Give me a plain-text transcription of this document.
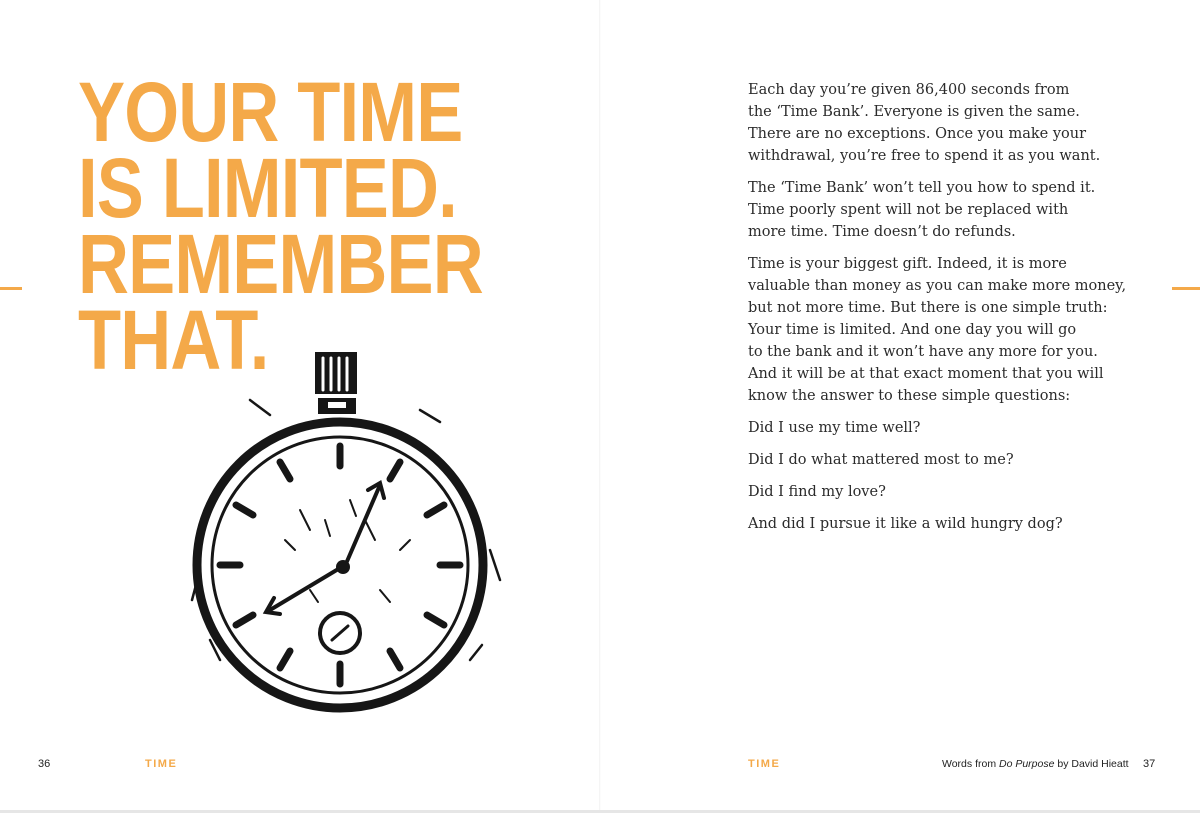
YOUR TIME
IS LIMITED.
REMEMBER
THAT.
36	TIME

Each day you’re given 86,400 seconds from
the ‘Time Bank’. Everyone is given the same.
There are no exceptions. Once you make your
withdrawal, you’re free to spend it as you want.

The ‘Time Bank’ won’t tell you how to spend it.
Time poorly spent will not be replaced with
more time. Time doesn’t do refunds.

Time is your biggest gift. Indeed, it is more
valuable than money as you can make more money,
but not more time. But there is one simple truth:
Your time is limited. And one day you will go
to the bank and it won’t have any more for you.
And it will be at that exact moment that you will
know the answer to these simple questions:

Did I use my time well?

Did I do what mattered most to me?

Did I find my love?

And did I pursue it like a wild hungry dog?

TIME	Words from Do Purpose by David Hieatt 37
